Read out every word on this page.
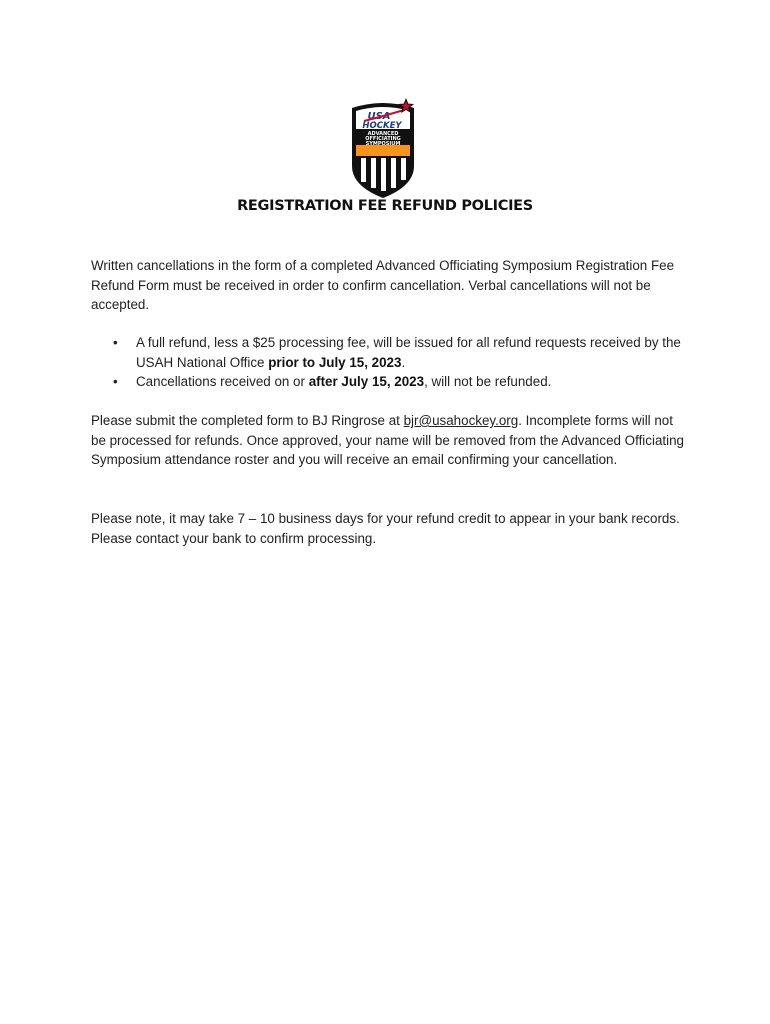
USA
HOCKEY
ADVANCED
OFFICIATING
SYMPOSIUM
REGISTRATION FEE REFUND POLICIES
Written cancellations in the form of a completed Advanced Officiating Symposium Registration Fee Refund Form must be received in order to confirm cancellation. Verbal cancellations will not be accepted.
• A full refund, less a $25 processing fee, will be issued for all refund requests received by the USAH National Office prior to July 15, 2023.
• Cancellations received on or after July 15, 2023, will not be refunded.
Please submit the completed form to BJ Ringrose at bjr@usahockey.org. Incomplete forms will not be processed for refunds. Once approved, your name will be removed from the Advanced Officiating Symposium attendance roster and you will receive an email confirming your cancellation.
Please note, it may take 7 – 10 business days for your refund credit to appear in your bank records. Please contact your bank to confirm processing.
